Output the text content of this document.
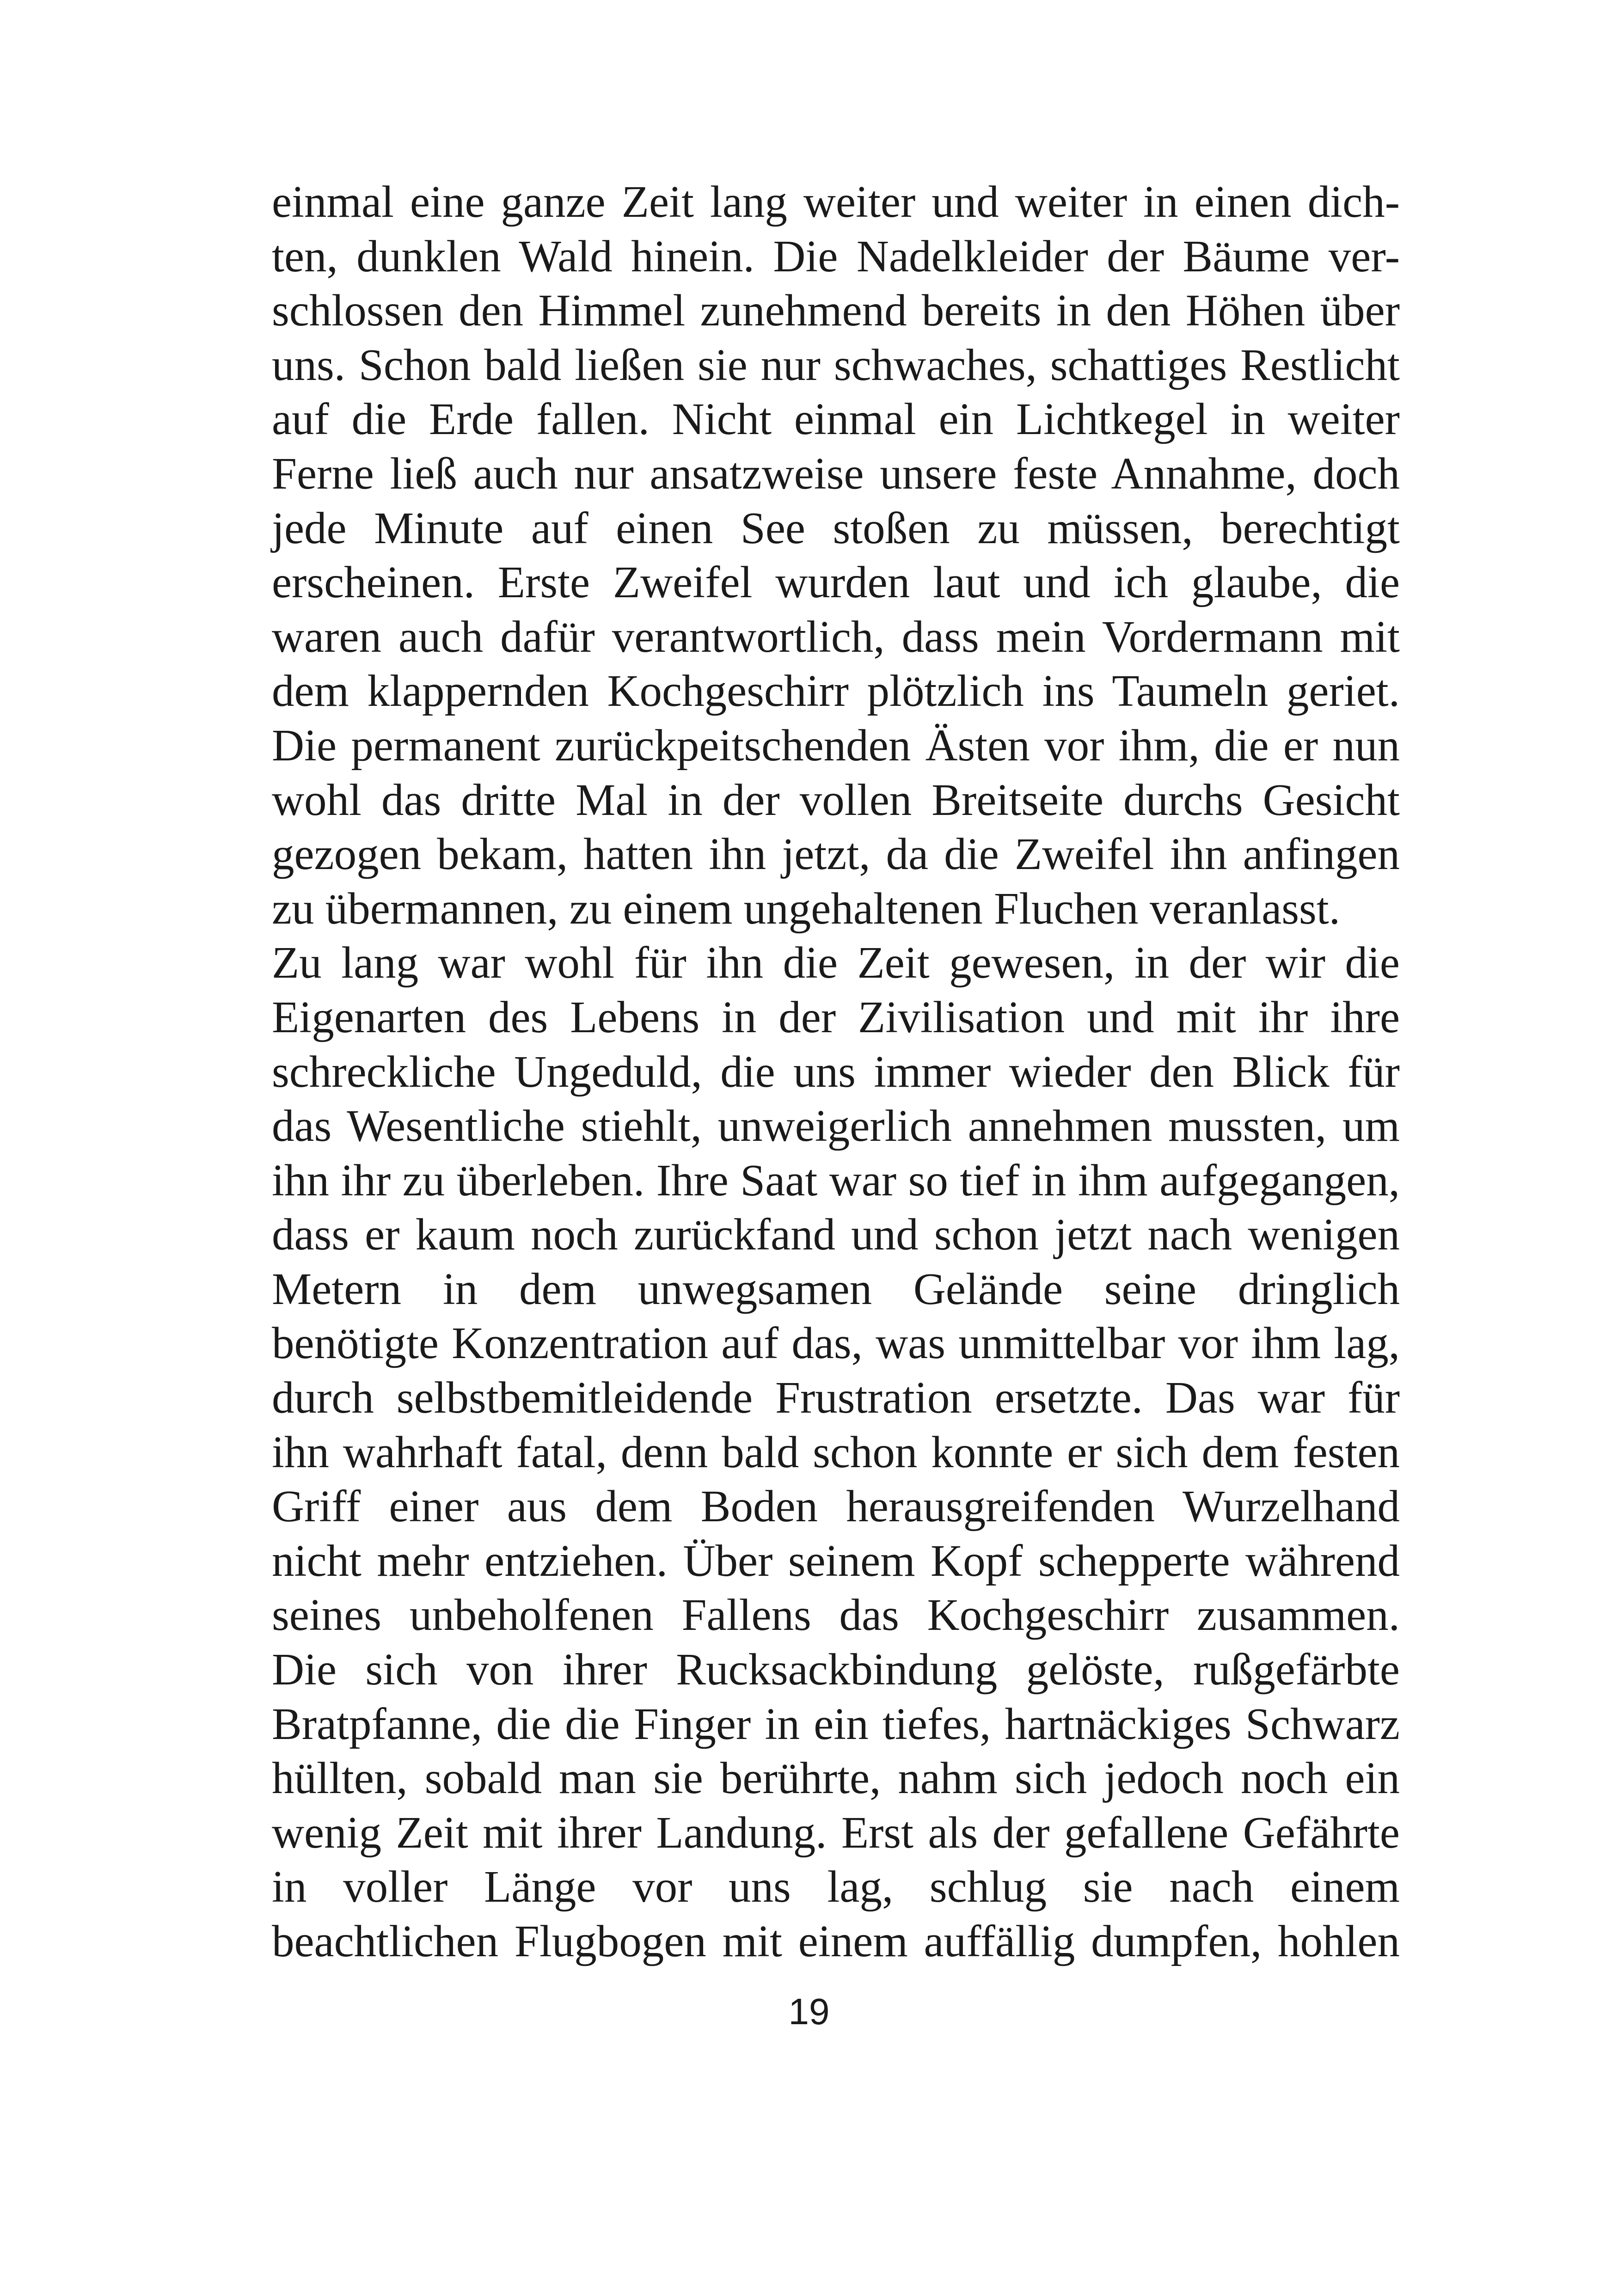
einmal eine ganze Zeit lang weiter und weiter in einen dich-
ten, dunklen Wald hinein. Die Nadelkleider der Bäume ver-
schlossen den Himmel zunehmend bereits in den Höhen über
uns. Schon bald ließen sie nur schwaches, schattiges Restlicht
auf die Erde fallen. Nicht einmal ein Lichtkegel in weiter
Ferne ließ auch nur ansatzweise unsere feste Annahme, doch
jede Minute auf einen See stoßen zu müssen, berechtigt
erscheinen. Erste Zweifel wurden laut und ich glaube, die
waren auch dafür verantwortlich, dass mein Vordermann mit
dem klappernden Kochgeschirr plötzlich ins Taumeln geriet.
Die permanent zurückpeitschenden Ästen vor ihm, die er nun
wohl das dritte Mal in der vollen Breitseite durchs Gesicht
gezogen bekam, hatten ihn jetzt, da die Zweifel ihn anfingen
zu übermannen, zu einem ungehaltenen Fluchen veranlasst.
Zu lang war wohl für ihn die Zeit gewesen, in der wir die
Eigenarten des Lebens in der Zivilisation und mit ihr ihre
schreckliche Ungeduld, die uns immer wieder den Blick für
das Wesentliche stiehlt, unweigerlich annehmen mussten, um
ihn ihr zu überleben. Ihre Saat war so tief in ihm aufgegangen,
dass er kaum noch zurückfand und schon jetzt nach wenigen
Metern in dem unwegsamen Gelände seine dringlich
benötigte Konzentration auf das, was unmittelbar vor ihm lag,
durch selbstbemitleidende Frustration ersetzte. Das war für
ihn wahrhaft fatal, denn bald schon konnte er sich dem festen
Griff einer aus dem Boden herausgreifenden Wurzelhand
nicht mehr entziehen. Über seinem Kopf schepperte während
seines unbeholfenen Fallens das Kochgeschirr zusammen.
Die sich von ihrer Rucksackbindung gelöste, rußgefärbte
Bratpfanne, die die Finger in ein tiefes, hartnäckiges Schwarz
hüllten, sobald man sie berührte, nahm sich jedoch noch ein
wenig Zeit mit ihrer Landung. Erst als der gefallene Gefährte
in voller Länge vor uns lag, schlug sie nach einem
beachtlichen Flugbogen mit einem auffällig dumpfen, hohlen
19
